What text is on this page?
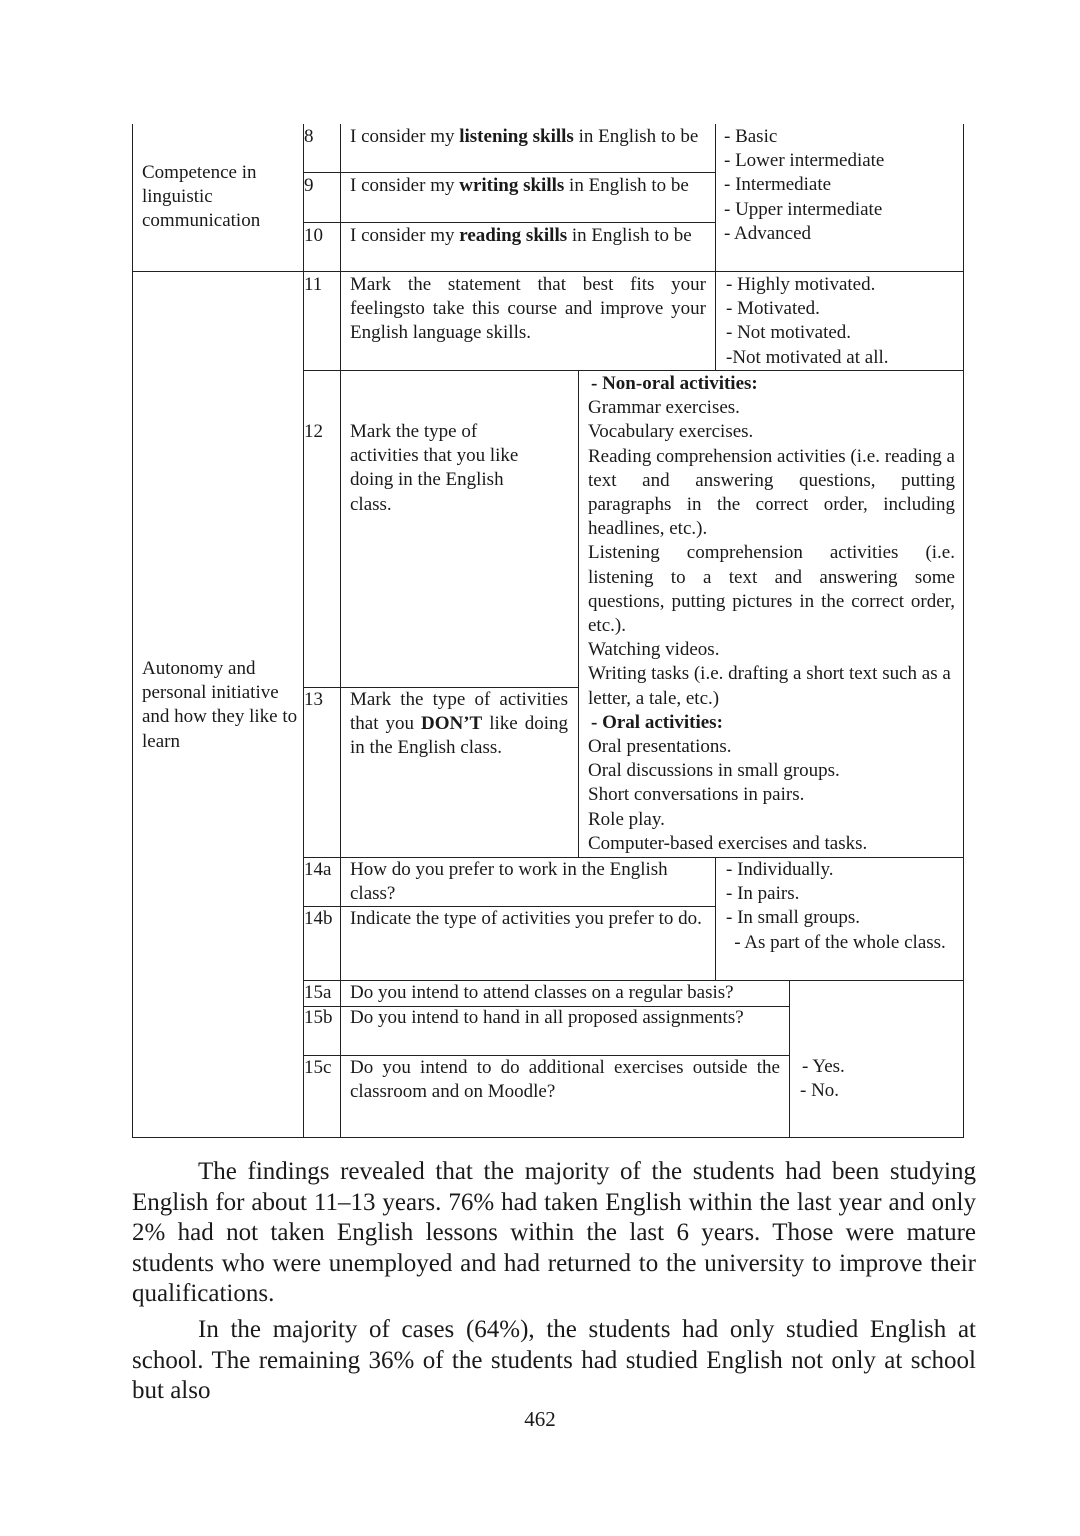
Competence in linguistic communication
Autonomy and personal initiative and how they like to learn
8 I consider my listening skills in English to be
9 I consider my writing skills in English to be
10 I consider my reading skills in English to be
- Basic
- Lower intermediate
- Intermediate
- Upper intermediate
- Advanced
11 Mark the statement that best fits your feelingsto take this course and improve your English language skills.
- Highly motivated.
- Motivated.
- Not motivated.
-Not motivated at all.
12 Mark the type of activities that you like doing in the English class.
13 Mark the type of activities that you DON’T like doing in the English class.
- Non-oral activities:
Grammar exercises.
Vocabulary exercises.
Reading comprehension activities (i.e. reading a text and answering questions, putting paragraphs in the correct order, including headlines, etc.).
Listening comprehension activities (i.e. listening to a text and answering some questions, putting pictures in the correct order, etc.).
Watching videos.
Writing tasks (i.e. drafting a short text such as a letter, a tale, etc.)
- Oral activities:
Oral presentations.
Oral discussions in small groups.
Short conversations in pairs.
Role play.
Computer-based exercises and tasks.
14a How do you prefer to work in the English class?
14b Indicate the type of activities you prefer to do.
- Individually.
- In pairs.
- In small groups.
- As part of the whole class.
15a Do you intend to attend classes on a regular basis?
15b Do you intend to hand in all proposed assignments?
15c Do you intend to do additional exercises outside the classroom and on Moodle?
- Yes.
- No.

The findings revealed that the majority of the students had been studying English for about 11–13 years. 76% had taken English within the last year and only 2% had not taken English lessons within the last 6 years. Those were mature students who were unemployed and had returned to the university to improve their qualifications.

In the majority of cases (64%), the students had only studied English at school. The remaining 36% of the students had studied English not only at school but also

462
